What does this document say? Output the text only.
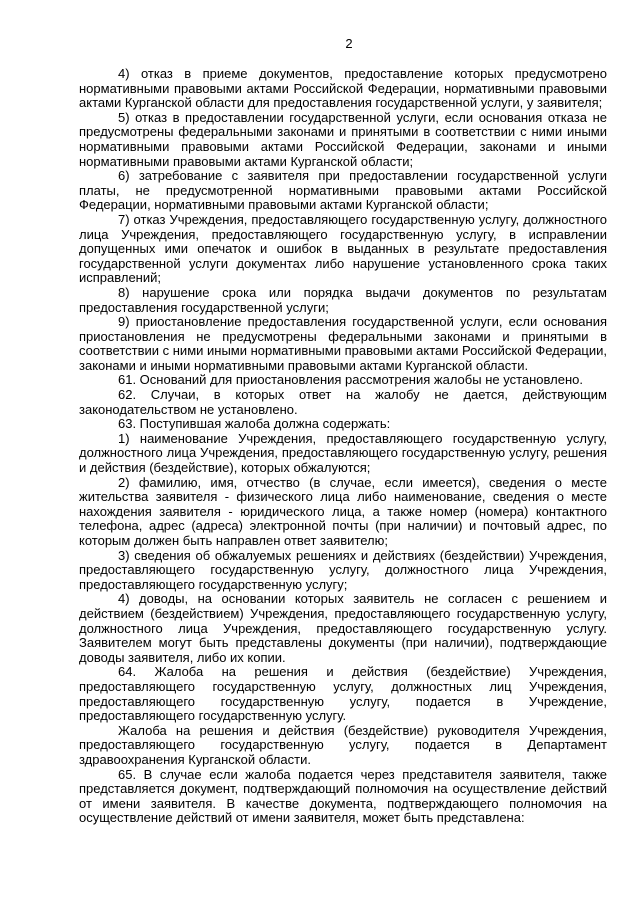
2

4) отказ в приеме документов, предоставление которых предусмотрено нормативными правовыми актами Российской Федерации, нормативными правовыми актами Курганской области для предоставления государственной услуги, у заявителя;

5) отказ в предоставлении государственной услуги, если основания отказа не предусмотрены федеральными законами и принятыми в соответствии с ними иными нормативными правовыми актами Российской Федерации, законами и иными нормативными правовыми актами Курганской области;

6) затребование с заявителя при предоставлении государственной услуги платы, не предусмотренной нормативными правовыми актами Российской Федерации, нормативными правовыми актами Курганской области;

7) отказ Учреждения, предоставляющего государственную услугу, должностного лица Учреждения, предоставляющего государственную услугу, в исправлении допущенных ими опечаток и ошибок в выданных в результате предоставления государственной услуги документах либо нарушение установленного срока таких исправлений;

8) нарушение срока или порядка выдачи документов по результатам предоставления государственной услуги;

9) приостановление предоставления государственной услуги, если основания приостановления не предусмотрены федеральными законами и принятыми в соответствии с ними иными нормативными правовыми актами Российской Федерации, законами и иными нормативными правовыми актами Курганской области.

61. Оснований для приостановления рассмотрения жалобы не установлено.

62. Случаи, в которых ответ на жалобу не дается, действующим законодательством не установлено.

63. Поступившая жалоба должна содержать:

1) наименование Учреждения, предоставляющего государственную услугу, должностного лица Учреждения, предоставляющего государственную услугу, решения и действия (бездействие), которых обжалуются;

2) фамилию, имя, отчество (в случае, если имеется), сведения о месте жительства заявителя - физического лица либо наименование, сведения о месте нахождения заявителя - юридического лица, а также номер (номера) контактного телефона, адрес (адреса) электронной почты (при наличии) и почтовый адрес, по которым должен быть направлен ответ заявителю;

3) сведения об обжалуемых решениях и действиях (бездействии) Учреждения, предоставляющего государственную услугу, должностного лица Учреждения, предоставляющего государственную услугу;

4) доводы, на основании которых заявитель не согласен с решением и действием (бездействием) Учреждения, предоставляющего государственную услугу, должностного лица Учреждения, предоставляющего государственную услугу. Заявителем могут быть представлены документы (при наличии), подтверждающие доводы заявителя, либо их копии.

64. Жалоба на решения и действия (бездействие) Учреждения, предоставляющего государственную услугу, должностных лиц Учреждения, предоставляющего государственную услугу, подается в Учреждение, предоставляющего государственную услугу.

Жалоба на решения и действия (бездействие) руководителя Учреждения, предоставляющего государственную услугу, подается в Департамент здравоохранения Курганской области.

65. В случае если жалоба подается через представителя заявителя, также представляется документ, подтверждающий полномочия на осуществление действий от имени заявителя. В качестве документа, подтверждающего полномочия на осуществление действий от имени заявителя, может быть представлена:
